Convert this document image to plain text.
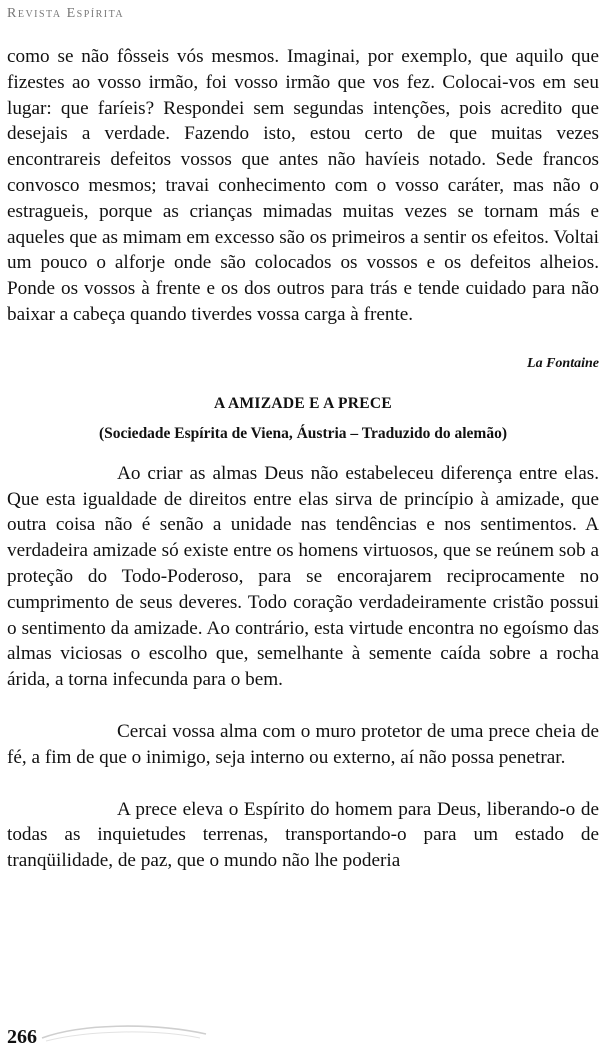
Revista Espírita

como se não fôsseis vós mesmos. Imaginai, por exemplo, que aquilo que fizestes ao vosso irmão, foi vosso irmão que vos fez. Colocai-vos em seu lugar: que faríeis? Respondei sem segundas intenções, pois acredito que desejais a verdade. Fazendo isto, estou certo de que muitas vezes encontrareis defeitos vossos que antes não havíeis notado. Sede francos convosco mesmos; travai conhecimento com o vosso caráter, mas não o estragueis, porque as crianças mimadas muitas vezes se tornam más e aqueles que as mimam em excesso são os primeiros a sentir os efeitos. Voltai um pouco o alforje onde são colocados os vossos e os defeitos alheios. Ponde os vossos à frente e os dos outros para trás e tende cuidado para não baixar a cabeça quando tiverdes vossa carga à frente.

La Fontaine

A AMIZADE E A PRECE
(Sociedade Espírita de Viena, Áustria – Traduzido do alemão)

Ao criar as almas Deus não estabeleceu diferença entre elas. Que esta igualdade de direitos entre elas sirva de princípio à amizade, que outra coisa não é senão a unidade nas tendências e nos sentimentos. A verdadeira amizade só existe entre os homens virtuosos, que se reúnem sob a proteção do Todo-Poderoso, para se encorajarem reciprocamente no cumprimento de seus deveres. Todo coração verdadeiramente cristão possui o sentimento da amizade. Ao contrário, esta virtude encontra no egoísmo das almas viciosas o escolho que, semelhante à semente caída sobre a rocha árida, a torna infecunda para o bem.

Cercai vossa alma com o muro protetor de uma prece cheia de fé, a fim de que o inimigo, seja interno ou externo, aí não possa penetrar.

A prece eleva o Espírito do homem para Deus, liberando-o de todas as inquietudes terrenas, transportando-o para um estado de tranqüilidade, de paz, que o mundo não lhe poderia

266
